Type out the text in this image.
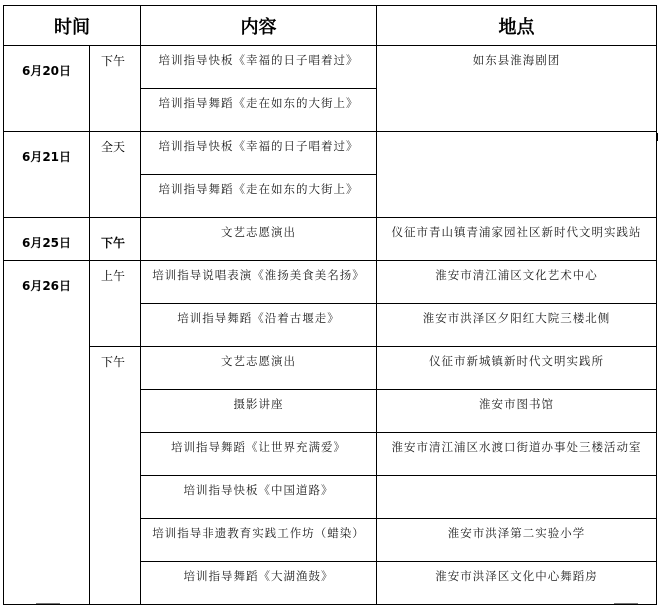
时间		内容	地点
6月20日	下午	培训指导快板《幸福的日子唱着过》	如东县淮海剧团
		培训指导舞蹈《走在如东的大街上》	
6月21日	全天	培训指导快板《幸福的日子唱着过》	
		培训指导舞蹈《走在如东的大街上》	
6月25日	下午	文艺志愿演出	仪征市青山镇青浦家园社区新时代文明实践站
6月26日	上午	培训指导说唱表演《淮扬美食美名扬》	淮安市清江浦区文化艺术中心
		培训指导舞蹈《沿着古堰走》	淮安市洪泽区夕阳红大院三楼北侧
	下午	文艺志愿演出	仪征市新城镇新时代文明实践所
		摄影讲座	淮安市图书馆
		培训指导舞蹈《让世界充满爱》	淮安市清江浦区水渡口街道办事处三楼活动室
		培训指导快板《中国道路》	
		培训指导非遗教育实践工作坊（蜡染）	淮安市洪泽第二实验小学
		培训指导舞蹈《大湖渔鼓》	淮安市洪泽区文化中心舞蹈房
